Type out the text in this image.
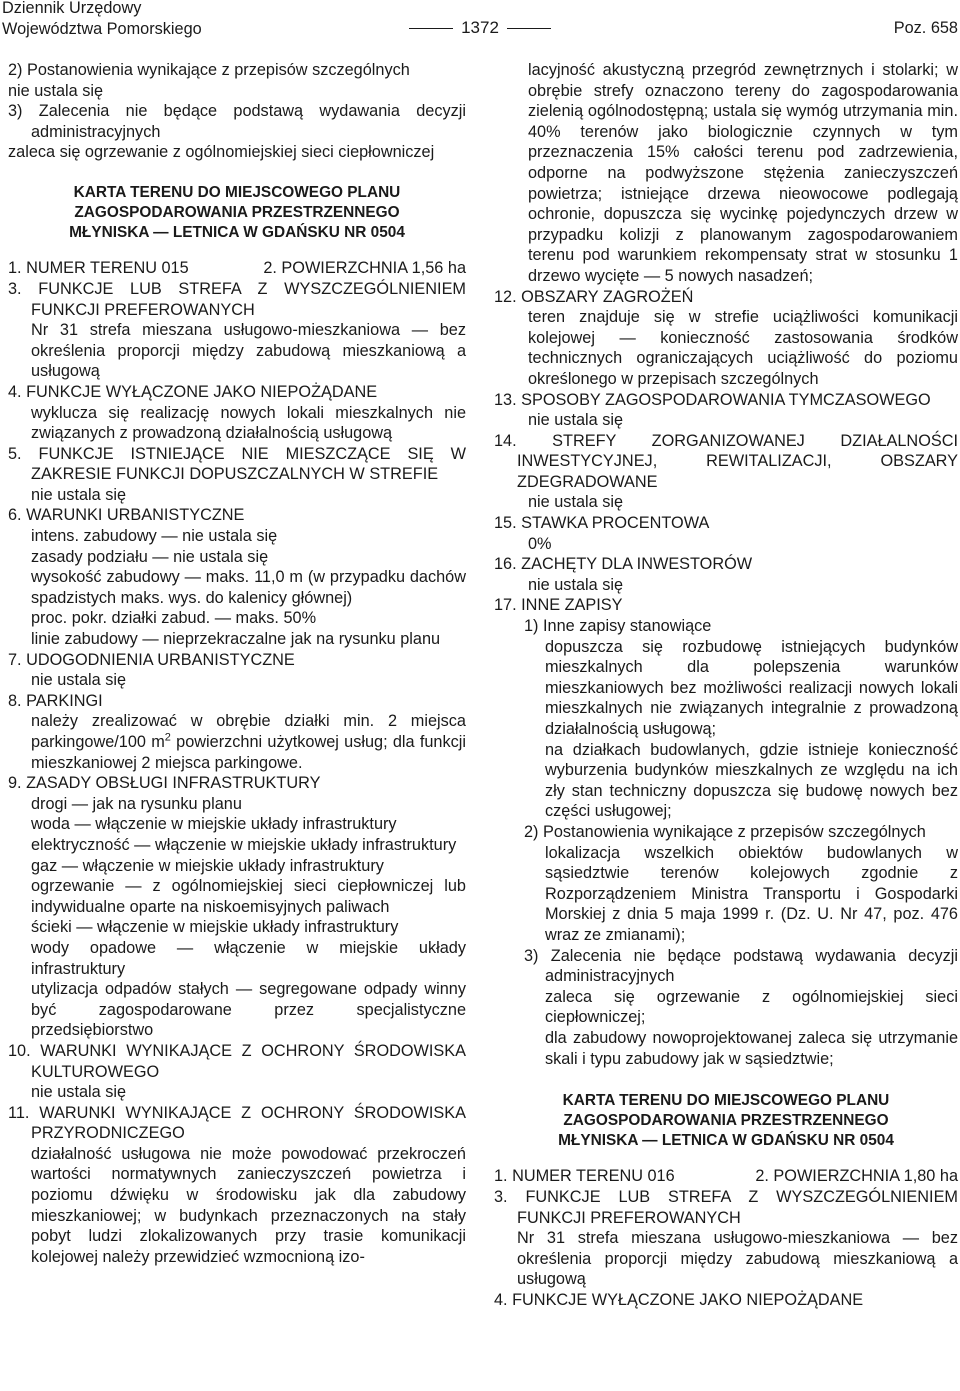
Dziennik Urzędowy
Województwa Pomorskiego	1372	Poz. 658

2) Postanowienia wynikające z przepisów szczególnych

nie ustala się

3) Zalecenia nie będące podstawą wydawania decyzji administracyjnych

zaleca się ogrzewanie z ogólnomiejskiej sieci ciepłowniczej

KARTA TERENU DO MIEJSCOWEGO PLANU
ZAGOSPODAROWANIA PRZESTRZENNEGO
MŁYNISKA — LETNICA W GDAŃSKU NR 0504
1. NUMER TERENU 015	2. POWIERZCHNIA 1,56 ha

3. FUNKCJE LUB STREFA Z WYSZCZEGÓLNIENIEM FUNKCJI PREFEROWANYCH

Nr 31 strefa mieszana usługowo-mieszkaniowa — bez określenia proporcji między zabudową mieszkaniową a usługową

4. FUNKCJE WYŁĄCZONE JAKO NIEPOŻĄDANE

wyklucza się realizację nowych lokali mieszkalnych nie związanych z prowadzoną działalnością usługową

5. FUNKCJE ISTNIEJĄCE NIE MIESZCZĄCE SIĘ W ZAKRESIE FUNKCJI DOPUSZCZALNYCH W STREFIE

nie ustala się

6. WARUNKI URBANISTYCZNE

intens. zabudowy — nie ustala się

zasady podziału — nie ustala się

wysokość zabudowy — maks. 11,0 m (w przypadku dachów spadzistych maks. wys. do kalenicy głównej)

proc. pokr. działki zabud. — maks. 50%

linie zabudowy — nieprzekraczalne jak na rysunku planu

7. UDOGODNIENIA URBANISTYCZNE

nie ustala się

8. PARKINGI

należy zrealizować w obrębie działki min. 2 miejsca parkingowe/100 $m^2$ powierzchni użytkowej usług; dla funkcji mieszkaniowej 2 miejsca parkingowe.

9. ZASADY OBSŁUGI INFRASTRUKTURY

drogi — jak na rysunku planu

woda — włączenie w miejskie układy infrastruktury

elektryczność — włączenie w miejskie układy infrastruktury

gaz — włączenie w miejskie układy infrastruktury

ogrzewanie — z ogólnomiejskiej sieci ciepłowniczej lub indywidualne oparte na niskoemisyjnych paliwach

ścieki — włączenie w miejskie układy infrastruktury

wody opadowe — włączenie w miejskie układy infrastruktury

utylizacja odpadów stałych — segregowane odpady winny być zagospodarowane przez specjalistyczne przedsiębiorstwo

10. WARUNKI WYNIKAJĄCE Z OCHRONY ŚRODOWISKA KULTUROWEGO

nie ustala się

11. WARUNKI WYNIKAJĄCE Z OCHRONY ŚRODOWISKA PRZYRODNICZEGO

działalność usługowa nie może powodować przekroczeń wartości normatywnych zanieczyszczeń powietrza i poziomu dźwięku w środowisku jak dla zabudowy mieszkaniowej; w budynkach przeznaczonych na stały pobyt ludzi zlokalizowanych przy trasie komunikacji kolejowej należy przewidzieć wzmocnioną izo-

lacyjność akustyczną przegród zewnętrznych i stolarki; w obrębie strefy oznaczono tereny do zagospodarowania zielenią ogólnodostępną; ustala się wymóg utrzymania min. 40% terenów jako biologicznie czynnych w tym przeznaczenia 15% całości terenu pod zadrzewienia, odporne na podwyższone stężenia zanieczyszczeń powietrza; istniejące drzewa nieowocowe podlegają ochronie, dopuszcza się wycinkę pojedynczych drzew w przypadku kolizji z planowanym zagospodarowaniem terenu pod warunkiem rekompensaty strat w stosunku 1 drzewo wycięte — 5 nowych nasadzeń;

12. OBSZARY ZAGROŻEŃ

teren znajduje się w strefie uciążliwości komunikacji kolejowej — konieczność zastosowania środków technicznych ograniczających uciążliwość do poziomu określonego w przepisach szczególnych

13. SPOSOBY ZAGOSPODAROWANIA TYMCZASOWEGO

nie ustala się

14. STREFY ZORGANIZOWANEJ DZIAŁALNOŚCI INWESTYCYJNEJ, REWITALIZACJI, OBSZARY ZDEGRADOWANE

nie ustala się

15. STAWKA PROCENTOWA

0%

16. ZACHĘTY DLA INWESTORÓW

nie ustala się

17. INNE ZAPISY

1) Inne zapisy stanowiące

dopuszcza się rozbudowę istniejących budynków mieszkalnych dla polepszenia warunków mieszkaniowych bez możliwości realizacji nowych lokali mieszkalnych nie związanych integralnie z prowadzoną działalnością usługową;

na działkach budowlanych, gdzie istnieje konieczność wyburzenia budynków mieszkalnych ze względu na ich zły stan techniczny dopuszcza się budowę nowych bez części usługowej;

2) Postanowienia wynikające z przepisów szczególnych

lokalizacja wszelkich obiektów budowlanych w sąsiedztwie terenów kolejowych zgodnie z Rozporządzeniem Ministra Transportu i Gospodarki Morskiej z dnia 5 maja 1999 r. (Dz. U. Nr 47, poz. 476 wraz ze zmianami);

3) Zalecenia nie będące podstawą wydawania decyzji administracyjnych

zaleca się ogrzewanie z ogólnomiejskiej sieci ciepłowniczej;

dla zabudowy nowoprojektowanej zaleca się utrzymanie skali i typu zabudowy jak w sąsiedztwie;

KARTA TERENU DO MIEJSCOWEGO PLANU
ZAGOSPODAROWANIA PRZESTRZENNEGO
MŁYNISKA — LETNICA W GDAŃSKU NR 0504
1. NUMER TERENU 016	2. POWIERZCHNIA 1,80 ha

3. FUNKCJE LUB STREFA Z WYSZCZEGÓLNIENIEM FUNKCJI PREFEROWANYCH

Nr 31 strefa mieszana usługowo-mieszkaniowa — bez określenia proporcji między zabudową mieszkaniową a usługową

4. FUNKCJE WYŁĄCZONE JAKO NIEPOŻĄDANE
